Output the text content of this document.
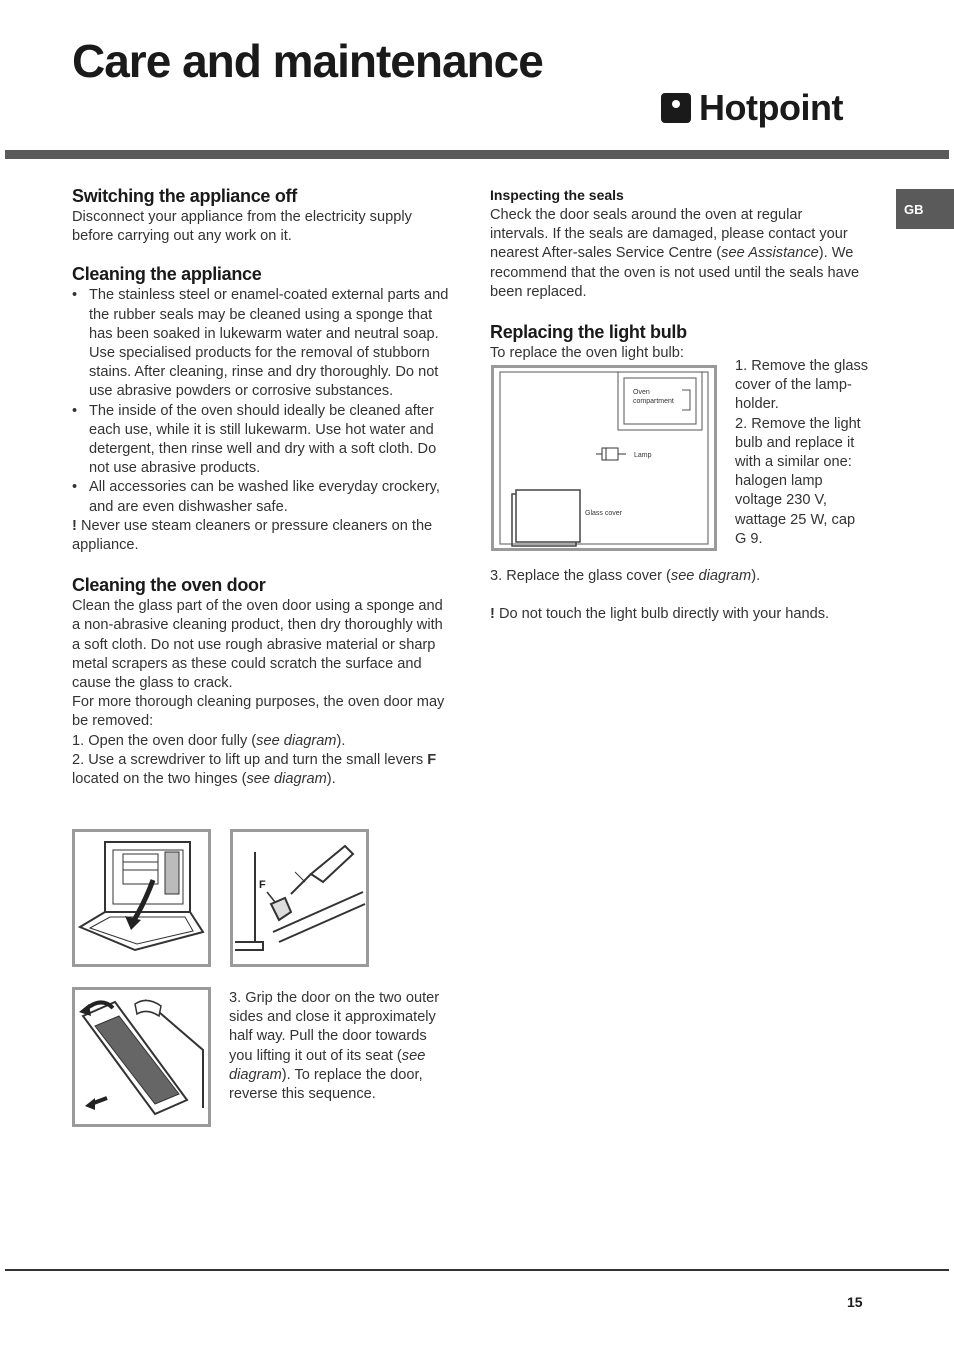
Care and maintenance
Hotpoint
GB
Switching the appliance off

Disconnect your appliance from the electricity supply before carrying out any work on it.

Cleaning the appliance
• The stainless steel or enamel-coated external parts and the rubber seals may be cleaned using a sponge that has been soaked in lukewarm water and neutral soap. Use specialised products for the removal of stubborn stains. After cleaning, rinse and dry thoroughly. Do not use abrasive powders or corrosive substances.
• The inside of the oven should ideally be cleaned after each use, while it is still lukewarm. Use hot water and detergent, then rinse well and dry with a soft cloth. Do not use abrasive products.
• All accessories can be washed like everyday crockery, and are even dishwasher safe.

! Never use steam cleaners or pressure cleaners on the appliance.

Cleaning the oven door

Clean the glass part of the oven door using a sponge and a non-abrasive cleaning product, then dry thoroughly with a soft cloth. Do not use rough abrasive material or sharp metal scrapers as these could scratch the surface and cause the glass to crack.

For more thorough cleaning purposes, the oven door may be removed:

1. Open the oven door fully (see diagram).

2. Use a screwdriver to lift up and turn the small levers F located on the two hinges (see diagram).

F
3. Grip the door on the two outer sides and close it approximately half way. Pull the door towards you lifting it out of its seat (see diagram). To replace the door, reverse this sequence.
Inspecting the seals

Check the door seals around the oven at regular intervals. If the seals are damaged, please contact your nearest After-sales Service Centre (see Assistance). We recommend that the oven is not used until the seals have been replaced.

Replacing the light bulb

To replace the oven light bulb:

Oven
compartment
Lamp
Glass cover

1. Remove the glass cover of the lamp-holder.

2. Remove the light bulb and replace it with a similar one: halogen lamp voltage 230 V, wattage 25 W, cap G 9.

3. Replace the glass cover (see diagram).

! Do not touch the light bulb directly with your hands.

15
